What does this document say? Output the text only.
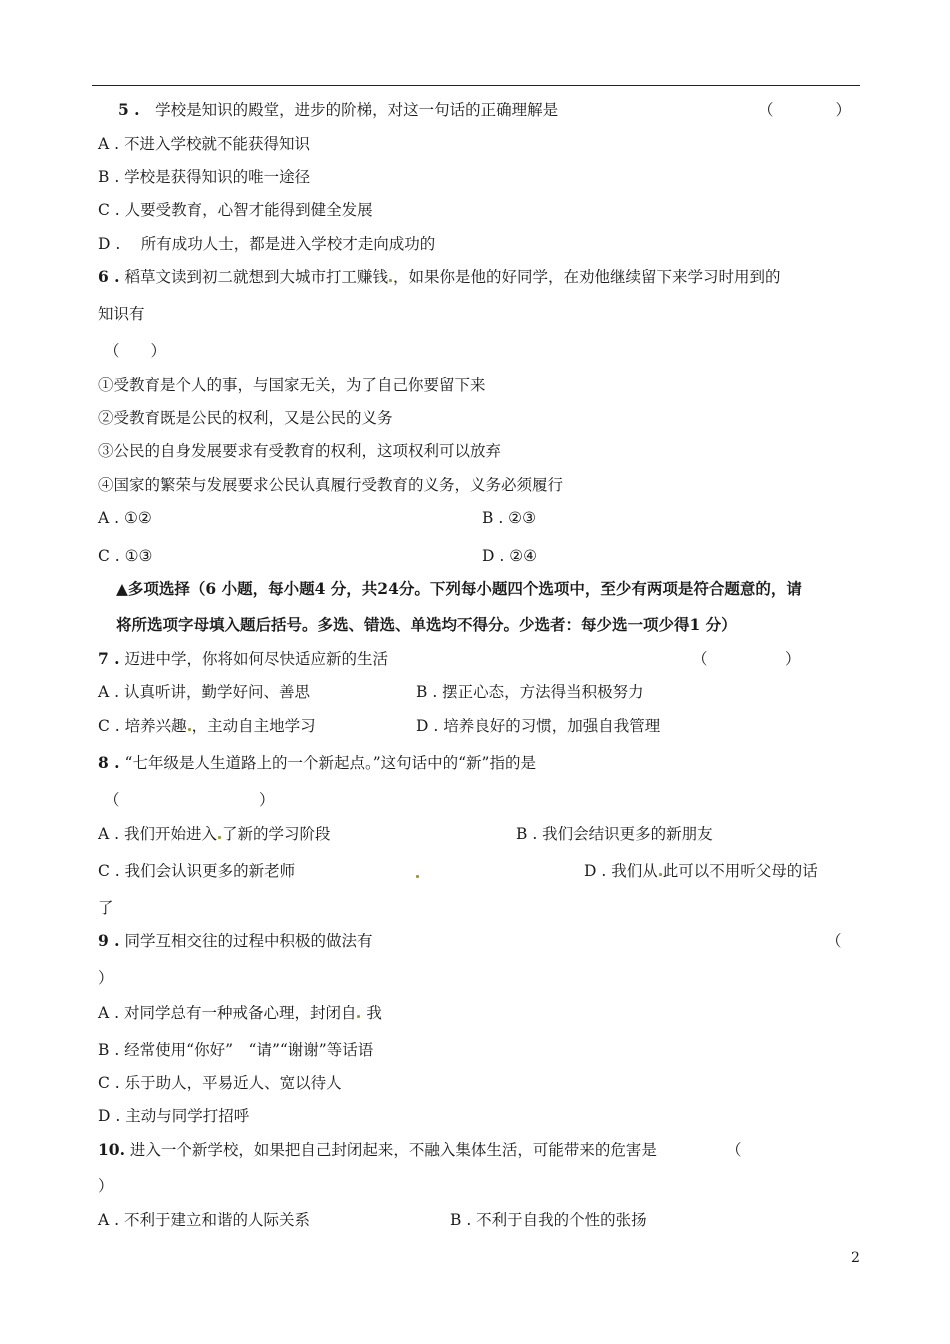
5 .　 学校是知识的殿堂，进步的阶梯，对这一句话的正确理解是	（　　　　）
A . 不进入学校就不能获得知识
B . 学校是获得知识的唯一途径
C . 人要受教育，心智才能得到健全发展
D .　 所有成功人士，都是进入学校才走向成功的
6 . 稻草文读到初二就想到大城市打工赚钱 ，如果你是他的好同学，在劝他继续留下来学习时用到的
知识有
（　　）
①受教育是个人的事，与国家无关，为了自己你要留下来
②受教育既是公民的权利，又是公民的义务
③公民的自身发展要求有受教育的权利，这项权利可以放弃
④国家的繁荣与发展要求公民认真履行受教育的义务，义务必须履行
A . ①②	B . ②③
C . ①③	D . ②④
▲多项选择（6 小题，每小题4 分，共24分。下列每小题四个选项中，至少有两项是符合题意的，请
将所选项字母填入题后括号。多选、错选、单选均不得分。少选者：每少选一项少得1 分）
7 . 迈进中学，你将如何尽快适应新的生活	（　　　　　）
A . 认真听讲，勤学好问、善思	B . 摆正心态，方法得当积极努力
C . 培养兴趣 ，主动自主地学习	D . 培养良好的习惯，加强自我管理
8 . “七年级是人生道路上的一个新起点。”这句话中的“新”指的是
（　　　　　　　　　）
A . 我们开始进入 了新的学习阶段	B . 我们会结识更多的新朋友
C . 我们会认识更多的新老师	D . 我们从 此可以不用听父母的话
了
9 . 同学互相交往的过程中积极的做法有	（
）
A . 对同学总有一种戒备心理，封闭自 我
B . 经常使用“你好”　“请”“谢谢”等话语
C . 乐于助人，平易近人、宽以待人
D . 主动与同学打招呼
10. 进入一个新学校，如果把自己封闭起来，不融入集体生活，可能带来的危害是	（
）
A . 不利于建立和谐的人际关系	B . 不利于自我的个性的张扬
2
